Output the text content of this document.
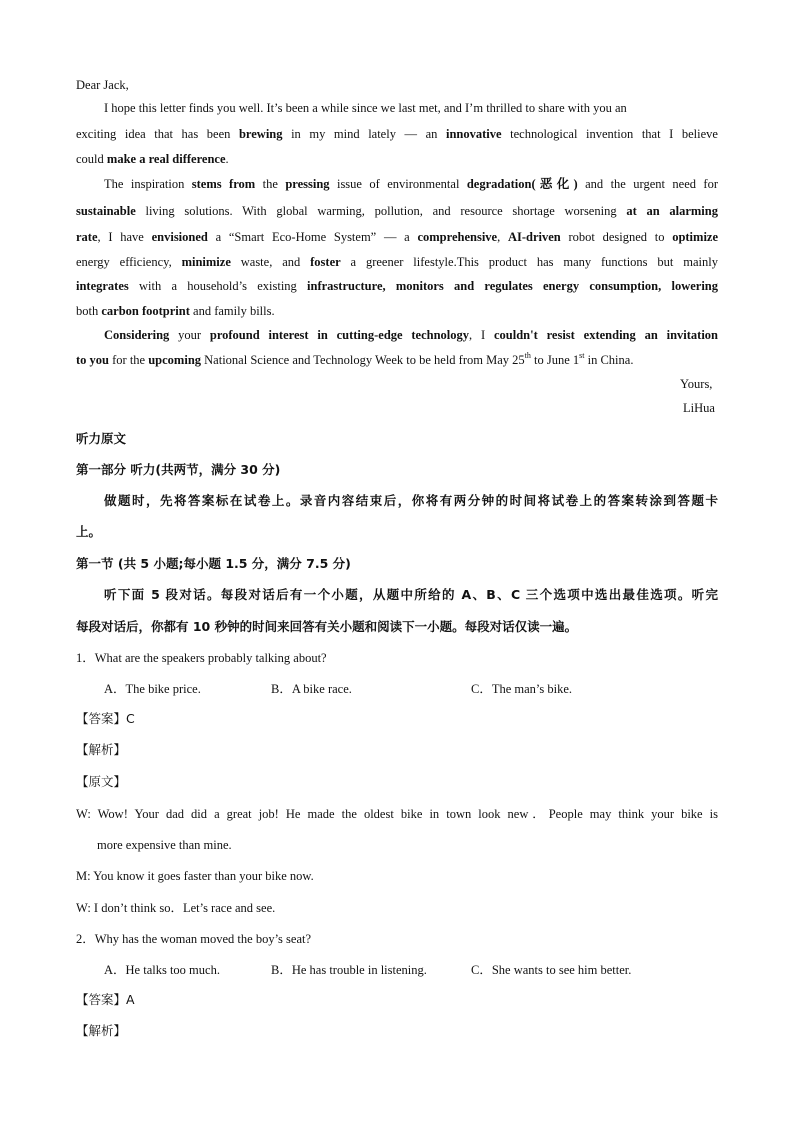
Dear Jack,
I hope this letter finds you well. It’s been a while since we last met, and I’m thrilled to share with you an
exciting idea that has been brewing in my mind lately — an innovative technological invention that I believe
could make a real difference.
The inspiration stems from the pressing issue of environmental degradation(恶化) and the urgent need for
sustainable living solutions. With global warming, pollution, and resource shortage worsening at an alarming
rate, I have envisioned a “Smart Eco-Home System” — a comprehensive, AI-driven robot designed to optimize
energy efficiency, minimize waste, and foster a greener lifestyle.This product has many functions but mainly
integrates with a household’s existing infrastructure, monitors and regulates energy consumption, lowering
both carbon footprint and family bills.
Considering your profound interest in cutting-edge technology, I couldn't resist extending an invitation
to you for the upcoming National Science and Technology Week to be held from May 25th to June 1st in China.
Yours,
LiHua
听力原文
第一部分 听力(共两节，满分 30 分)
做题时，先将答案标在试卷上。录音内容结束后，你将有两分钟的时间将试卷上的答案转涂到答题卡
上。
第一节 (共 5 小题;每小题 1.5 分，满分 7.5 分)
听下面 5 段对话。每段对话后有一个小题，从题中所给的 A、B、C 三个选项中选出最佳选项。听完
每段对话后，你都有 10 秒钟的时间来回答有关小题和阅读下一小题。每段对话仅读一遍。
1．What are the speakers probably talking about?
A．The bike price.	B．A bike race.	C．The man’s bike.
【答案】C
【解析】
【原文】
W: Wow! Your dad did a great job! He made the oldest bike in town look new．People may think your bike is
more expensive than mine.
M: You know it goes faster than your bike now.
W: I don’t think so．Let’s race and see.
2．Why has the woman moved the boy’s seat?
A．He talks too much.	B．He has trouble in listening.	C．She wants to see him better.
【答案】A
【解析】
